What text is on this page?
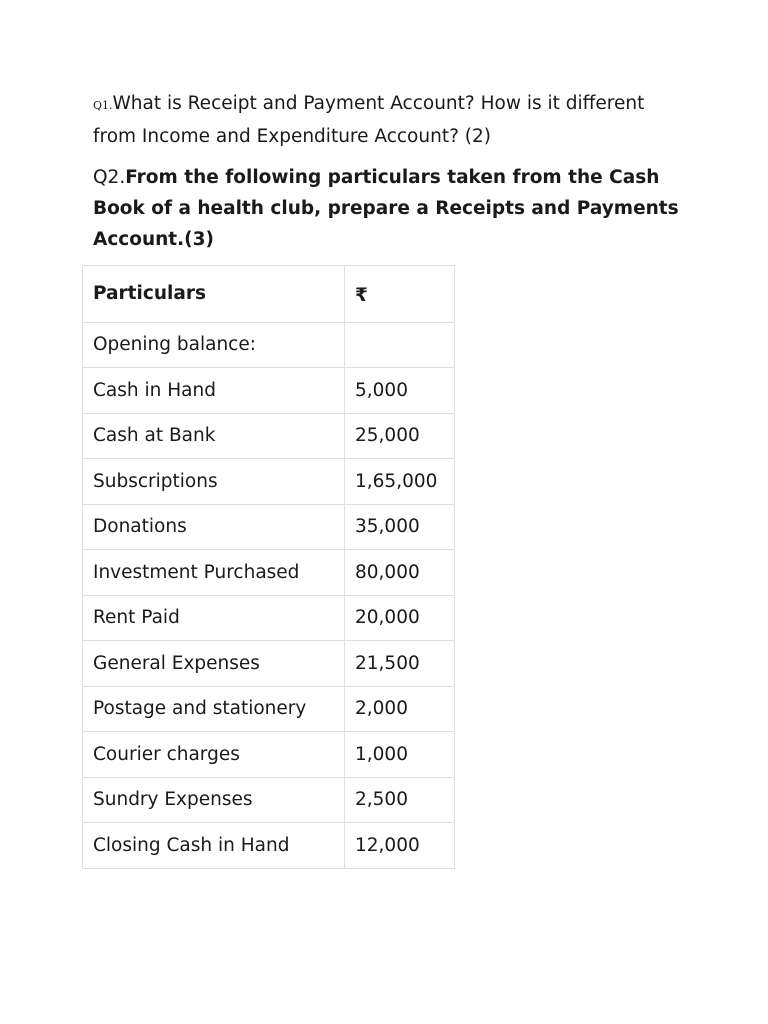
Q1.What is Receipt and Payment Account? How is it different from Income and Expenditure Account? (2)

Q2.From the following particulars taken from the Cash Book of a health club, prepare a Receipts and Payments Account.(3)

Particulars	₹
Opening balance:	
Cash in Hand	5,000
Cash at Bank	25,000
Subscriptions	1,65,000
Donations	35,000
Investment Purchased	80,000
Rent Paid	20,000
General Expenses	21,500
Postage and stationery	2,000
Courier charges	1,000
Sundry Expenses	2,500
Closing Cash in Hand	12,000
